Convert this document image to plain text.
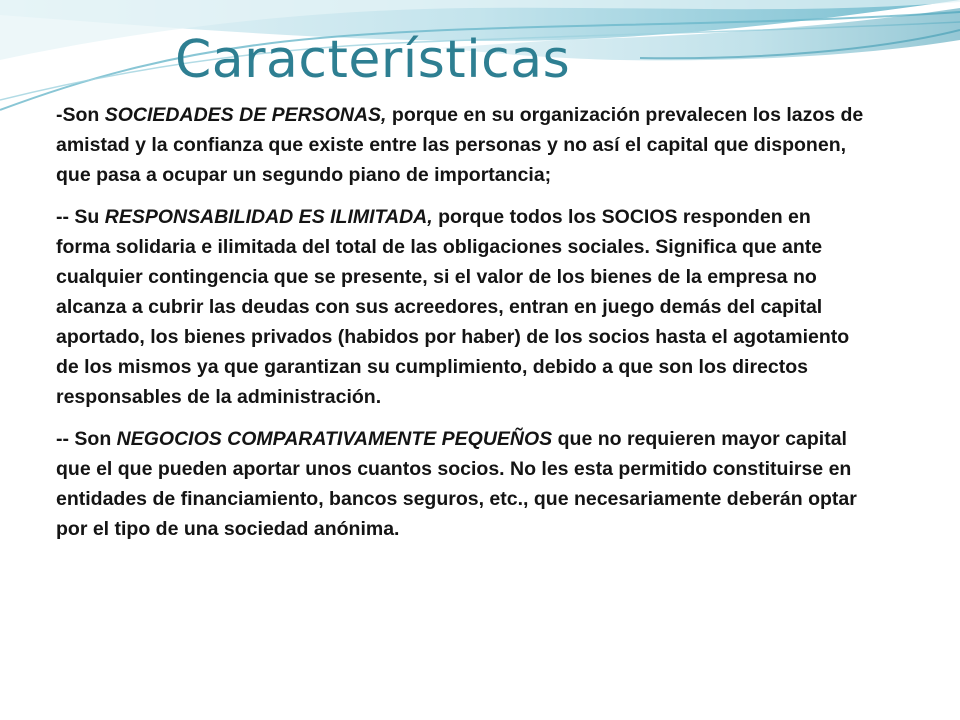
Características

-Son SOCIEDADES DE PERSONAS, porque en su organización prevalecen los lazos de amistad y la confianza que existe entre las personas y no así el capital que disponen, que pasa a ocupar un segundo piano de importancia;

-- Su RESPONSABILIDAD ES ILIMITADA, porque todos los SOCIOS responden en forma solidaria e ilimitada del total de las obligaciones sociales. Significa que ante cualquier contingencia que se presente, si el valor de los bienes de la empresa no alcanza a cubrir las deudas con sus acreedores, entran en juego demás del capital aportado, los bienes privados (habidos por haber) de los socios hasta el agotamiento de los mismos ya que garantizan su cumplimiento, debido a que son los directos responsables de la administración.

-- Son NEGOCIOS COMPARATIVAMENTE PEQUEÑOS que no requieren mayor capital que el que pueden aportar unos cuantos socios. No les esta permitido constituirse en entidades de financiamiento, bancos seguros, etc., que necesariamente deberán optar por el tipo de una sociedad anónima.
